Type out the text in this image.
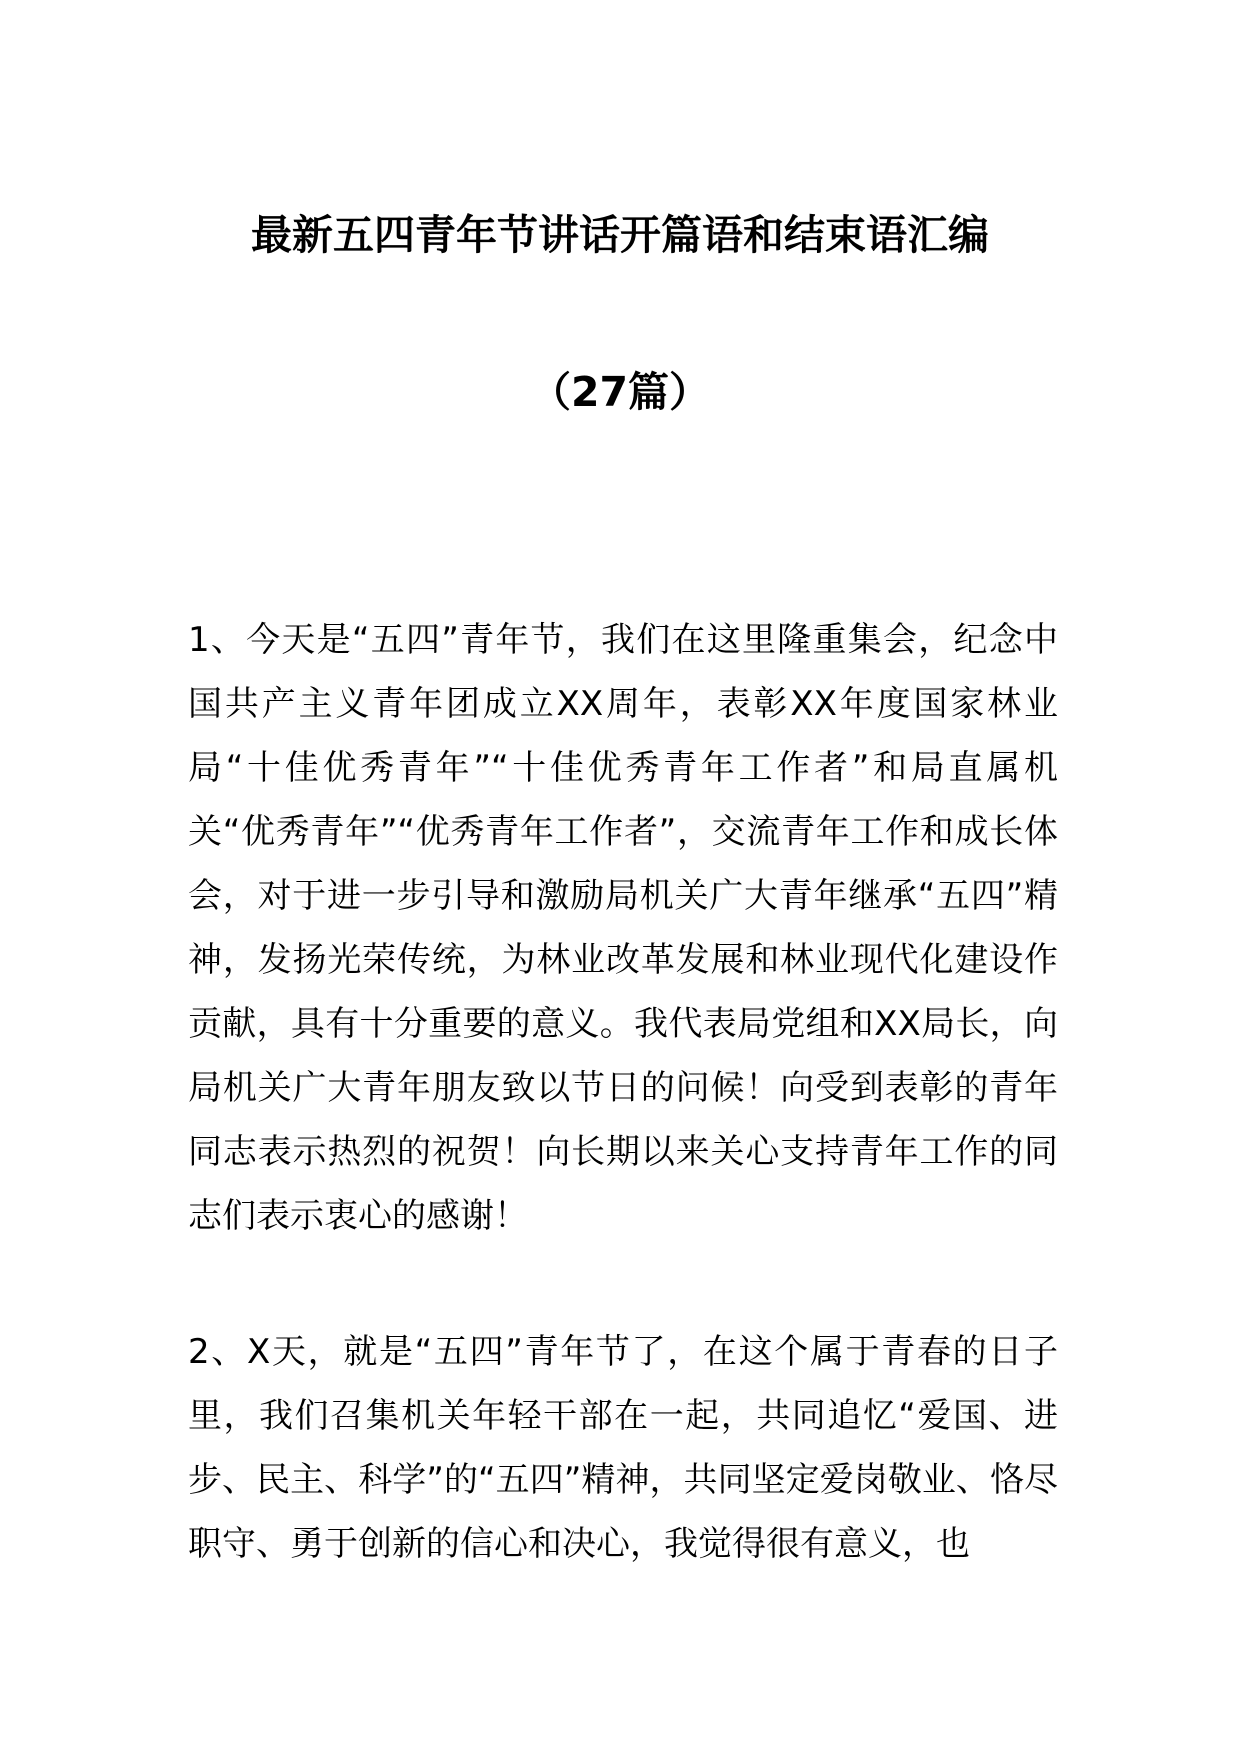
最新五四青年节讲话开篇语和结束语汇编
（27篇）

1、今天是“五四”青年节，我们在这里隆重集会，纪念中国共产主义青年团成立XX周年，表彰XX年度国家林业局“十佳优秀青年”“十佳优秀青年工作者”和局直属机关“优秀青年”“优秀青年工作者”，交流青年工作和成长体会，对于进一步引导和激励局机关广大青年继承“五四”精神，发扬光荣传统，为林业改革发展和林业现代化建设作贡献，具有十分重要的意义。我代表局党组和XX局长，向局机关广大青年朋友致以节日的问候！向受到表彰的青年同志表示热烈的祝贺！向长期以来关心支持青年工作的同志们表示衷心的感谢！

2、X天，就是“五四”青年节了，在这个属于青春的日子里，我们召集机关年轻干部在一起，共同追忆“爱国、进步、民主、科学”的“五四”精神，共同坚定爱岗敬业、恪尽职守、勇于创新的信心和决心，我觉得很有意义，也
